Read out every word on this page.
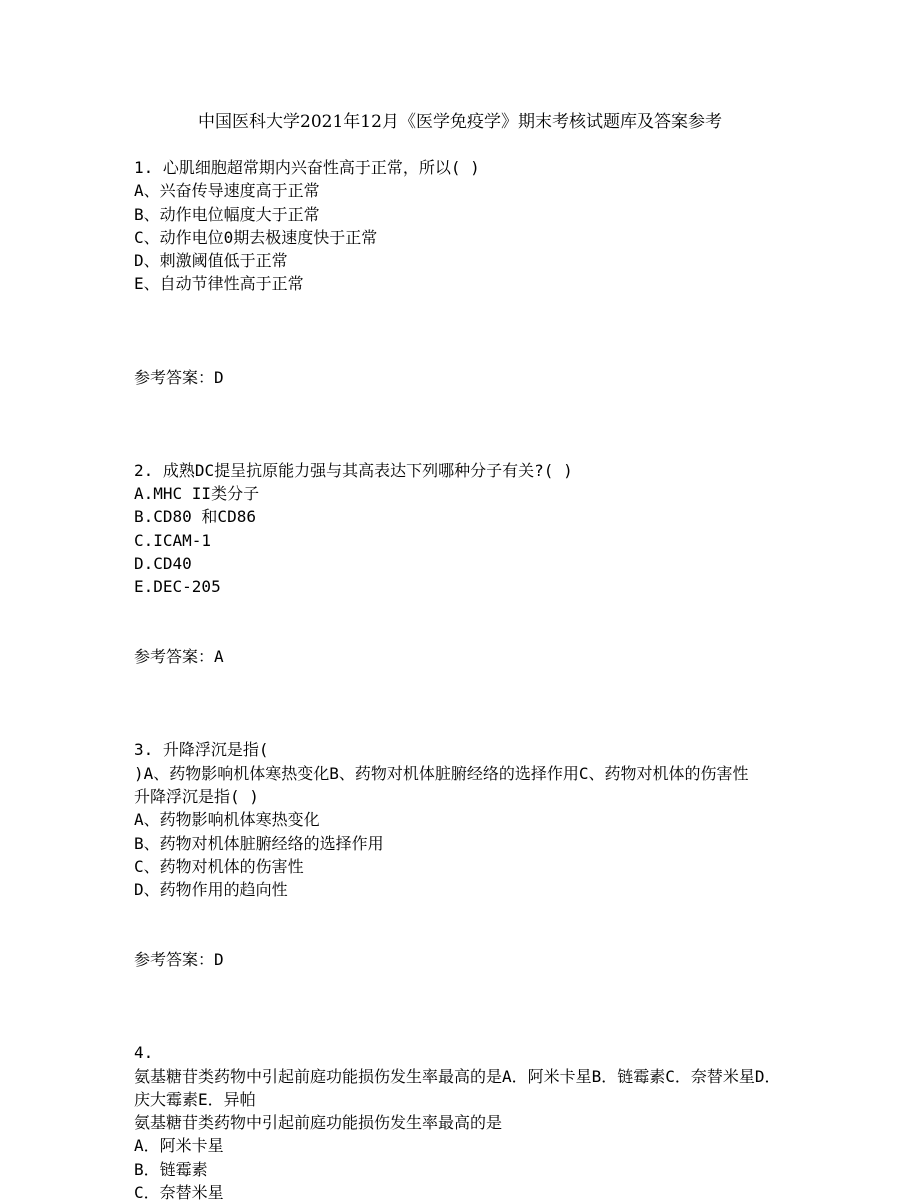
中国医科大学2021年12月《医学免疫学》期末考核试题库及答案参考
1. 心肌细胞超常期内兴奋性高于正常，所以( )
A、兴奋传导速度高于正常
B、动作电位幅度大于正常
C、动作电位0期去极速度快于正常
D、刺激阈值低于正常
E、自动节律性高于正常
参考答案：D
2. 成熟DC提呈抗原能力强与其高表达下列哪种分子有关?( )
A.MHC II类分子
B.CD80 和CD86
C.ICAM-1
D.CD40
E.DEC-205
参考答案：A
3. 升降浮沉是指(
)A、药物影响机体寒热变化B、药物对机体脏腑经络的选择作用C、药物对机体的伤害性
升降浮沉是指( )
A、药物影响机体寒热变化
B、药物对机体脏腑经络的选择作用
C、药物对机体的伤害性
D、药物作用的趋向性
参考答案：D
4.
氨基糖苷类药物中引起前庭功能损伤发生率最高的是A．阿米卡星B．链霉素C．奈替米星D．庆大霉素E．异帕
氨基糖苷类药物中引起前庭功能损伤发生率最高的是
A．阿米卡星
B．链霉素
C．奈替米星
